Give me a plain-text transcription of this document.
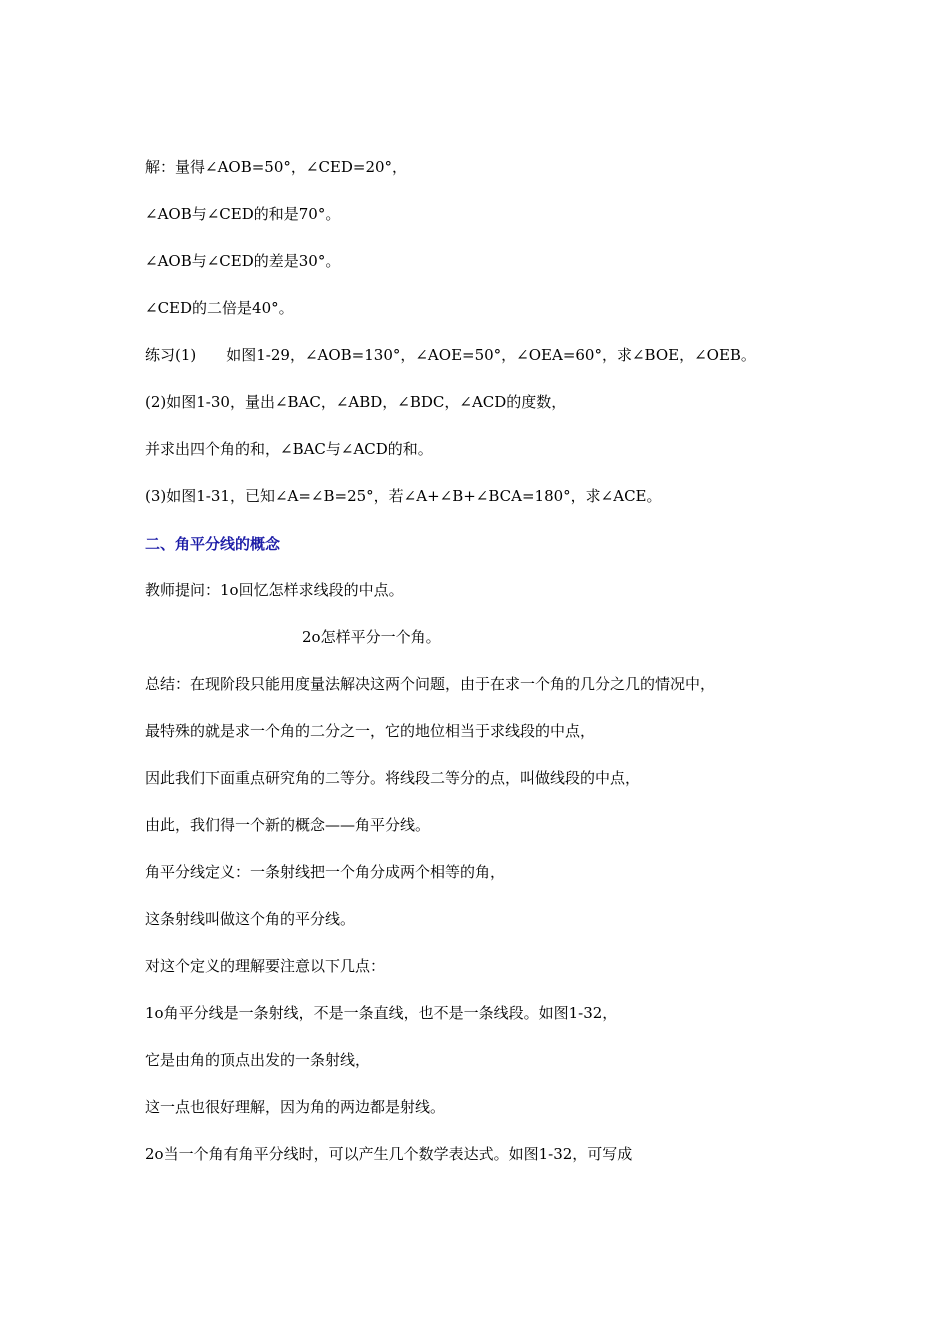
解：量得∠AOB=50°，∠CED=20°，
∠AOB与∠CED的和是70°。
∠AOB与∠CED的差是30°。
∠CED的二倍是40°。
练习(1)　　如图1-29，∠AOB=130°，∠AOE=50°，∠OEA=60°，求∠BOE，∠OEB。
(2)如图1-30，量出∠BAC，∠ABD，∠BDC，∠ACD的度数，
并求出四个角的和，∠BAC与∠ACD的和。
(3)如图1-31，已知∠A=∠B=25°，若∠A+∠B+∠BCA=180°，求∠ACE。
二、角平分线的概念
教师提问：1o回忆怎样求线段的中点。
2o怎样平分一个角。
总结：在现阶段只能用度量法解决这两个问题，由于在求一个角的几分之几的情况中，
最特殊的就是求一个角的二分之一，它的地位相当于求线段的中点，
因此我们下面重点研究角的二等分。将线段二等分的点，叫做线段的中点，
由此，我们得一个新的概念——角平分线。
角平分线定义：一条射线把一个角分成两个相等的角，
这条射线叫做这个角的平分线。
对这个定义的理解要注意以下几点：
1o角平分线是一条射线，不是一条直线，也不是一条线段。如图1-32，
它是由角的顶点出发的一条射线，
这一点也很好理解，因为角的两边都是射线。
2o当一个角有角平分线时，可以产生几个数学表达式。如图1-32，可写成
